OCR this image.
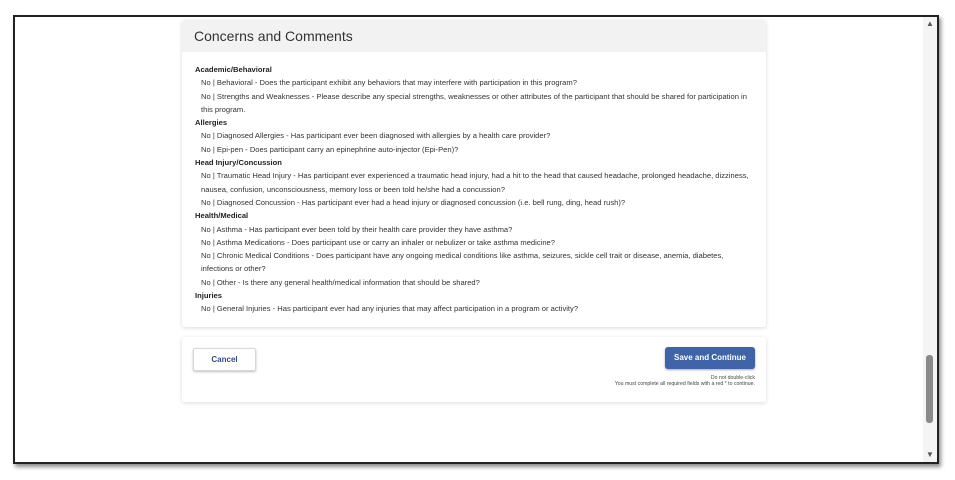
Concerns and Comments
Academic/Behavioral
No | Behavioral - Does the participant exhibit any behaviors that may interfere with participation in this program?
No | Strengths and Weaknesses - Please describe any special strengths, weaknesses or other attributes of the participant that should be shared for participation in this program.
Allergies
No | Diagnosed Allergies - Has participant ever been diagnosed with allergies by a health care provider?
No | Epi-pen - Does participant carry an epinephrine auto-injector (Epi-Pen)?
Head Injury/Concussion
No | Traumatic Head Injury - Has participant ever experienced a traumatic head injury, had a hit to the head that caused headache, prolonged headache, dizziness, nausea, confusion, unconsciousness, memory loss or been told he/she had a concussion?
No | Diagnosed Concussion - Has participant ever had a head injury or diagnosed concussion (i.e. bell rung, ding, head rush)?
Health/Medical
No | Asthma - Has participant ever been told by their health care provider they have asthma?
No | Asthma Medications - Does participant use or carry an inhaler or nebulizer or take asthma medicine?
No | Chronic Medical Conditions - Does participant have any ongoing medical conditions like asthma, seizures, sickle cell trait or disease, anemia, diabetes, infections or other?
No | Other - Is there any general health/medical information that should be shared?
Injuries
No | General Injuries - Has participant ever had any injuries that may affect participation in a program or activity?
Cancel	Save and Continue
Do not double-click
You must complete all required fields with a red * to continue.
▲
▼
